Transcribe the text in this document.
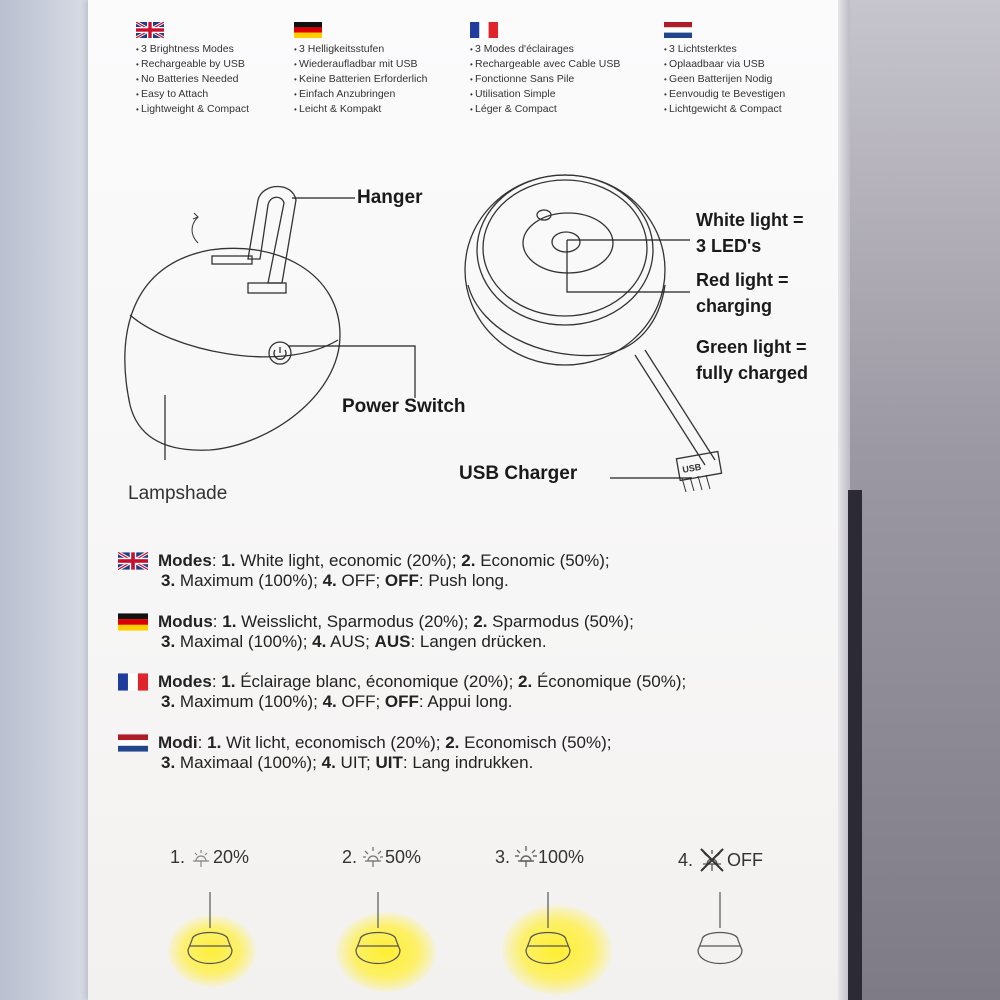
• 3 Brightness Modes
• Rechargeable by USB
• No Batteries Needed
• Easy to Attach
• Lightweight & Compact
• 3 Helligkeitsstufen
• Wiederaufladbar mit USB
• Keine Batterien Erforderlich
• Einfach Anzubringen
• Leicht & Kompakt
• 3 Modes d'éclairages
• Rechargeable avec Cable USB
• Fonctionne Sans Pile
• Utilisation Simple
• Léger & Compact
• 3 Lichtsterktes
• Oplaadbaar via USB
• Geen Batterijen Nodig
• Eenvoudig te Bevestigen
• Lichtgewicht & Compact
USB
Hanger
Power Switch
Lampshade
USB Charger
White light =
3 LED's
Red light =
charging
Green light =
fully charged
Modes: 1. White light, economic (20%); 2. Economic (50%);
3. Maximum (100%); 4. OFF; OFF: Push long.
Modus: 1. Weisslicht, Sparmodus (20%); 2. Sparmodus (50%);
3. Maximal (100%); 4. AUS; AUS: Langen drücken.
Modes: 1. Éclairage blanc, économique (20%); 2. Économique (50%);
3. Maximum (100%); 4. OFF; OFF: Appui long.
Modi: 1. Wit licht, economisch (20%); 2. Economisch (50%);
3. Maximaal (100%); 4. UIT; UIT: Lang indrukken.
1. 20%	2. 50%	3. 100%	4. OFF
